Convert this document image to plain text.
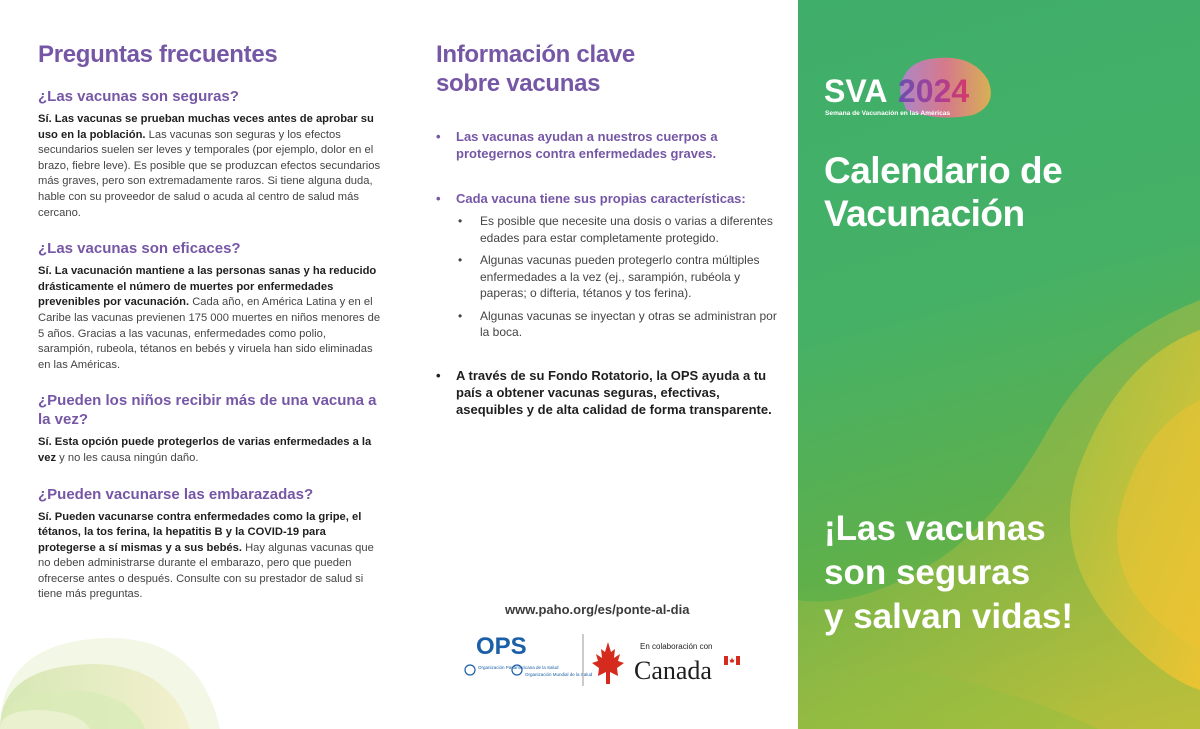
Preguntas frecuentes
¿Las vacunas son seguras?

Sí. Las vacunas se prueban muchas veces antes de aprobar su uso en la población. Las vacunas son seguras y los efectos secundarios suelen ser leves y temporales (por ejemplo, dolor en el brazo, fiebre leve). Es posible que se produzcan efectos secundarios más graves, pero son extremadamente raros. Si tiene alguna duda, hable con su proveedor de salud o acuda al centro de salud más cercano.

¿Las vacunas son eficaces?

Sí. La vacunación mantiene a las personas sanas y ha reducido drásticamente el número de muertes por enfermedades prevenibles por vacunación. Cada año, en América Latina y en el Caribe las vacunas previenen 175 000 muertes en niños menores de 5 años. Gracias a las vacunas, enfermedades como polio, sarampión, rubeola, tétanos en bebés y viruela han sido eliminadas en las Américas.

¿Pueden los niños recibir más de una vacuna a la vez?

Sí. Esta opción puede protegerlos de varias enfermedades a la vez y no les causa ningún daño.

¿Pueden vacunarse las embarazadas?

Sí. Pueden vacunarse contra enfermedades como la gripe, el tétanos, la tos ferina, la hepatitis B y la COVID-19 para protegerse a sí mismas y a sus bebés. Hay algunas vacunas que no deben administrarse durante el embarazo, pero que pueden ofrecerse antes o después. Consulte con su prestador de salud si tiene más preguntas.

Información clave
sobre vacunas
•	Las vacunas ayudan a nuestros cuerpos a protegernos contra enfermedades graves.
•	Cada vacuna tiene sus propias características:
•	Es posible que necesite una dosis o varias a diferentes edades para estar completamente protegido.
•	Algunas vacunas pueden protegerlo contra múltiples enfermedades a la vez (ej., sarampión, rubéola y paperas; o difteria, tétanos y tos ferina).
•	Algunas vacunas se inyectan y otras se administran por la boca.
•	A través de su Fondo Rotatorio, la OPS ayuda a tu país a obtener vacunas seguras, efectivas, asequibles y de alta calidad de forma transparente.
www.paho.org/es/ponte-al-dia
OPS
Organización Panamericana de la Salud
Organización Mundial de la Salud
En colaboración con
Canada
SVA 2024
Semana de Vacunación en las Américas
Calendario de
Vacunación
¡Las vacunas
son seguras
y salvan vidas!
